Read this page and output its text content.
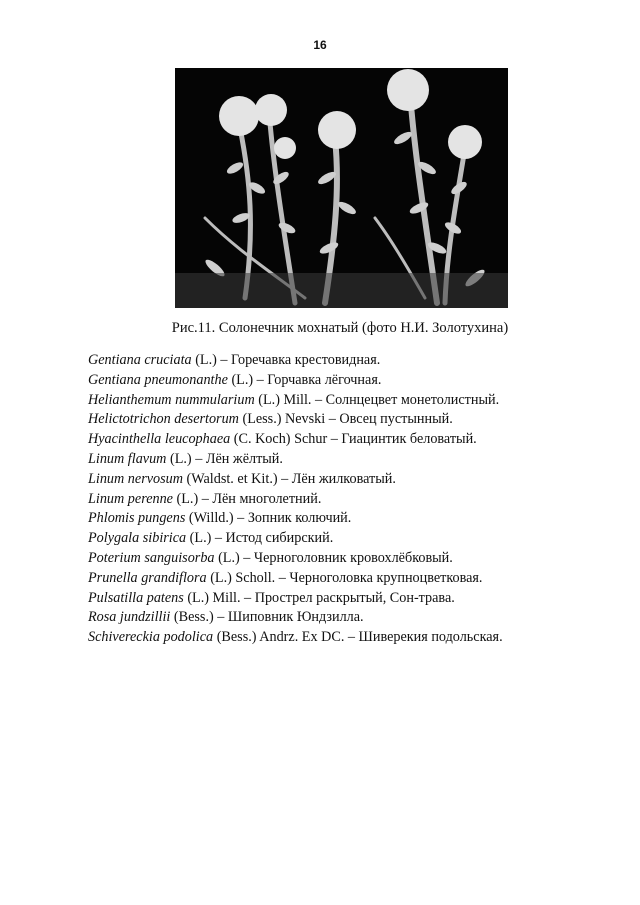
16
Рис.11. Солонечник мохнатый (фото Н.И. Золотухина)
Gentiana cruciata (L.) – Горечавка крестовидная.
Gentiana pneumonanthe (L.) – Горчавка лёгочная.
Helianthemum nummularium (L.) Mill. – Солнцецвет монетолистный.
Helictotrichon desertorum (Less.) Nevski – Овсец пустынный.
Hyacinthella leucophaea (C. Koch) Schur – Гиацинтик беловатый.
Linum flavum (L.) – Лён жёлтый.
Linum nervosum (Waldst. et Kit.) – Лён жилковатый.
Linum perenne (L.) – Лён многолетний.
Phlomis pungens (Willd.) – Зопник колючий.
Polygala sibirica (L.) – Истод сибирский.
Poterium sanguisorba (L.) – Черноголовник кровохлёбковый.
Prunella grandiflora (L.) Scholl. – Черноголовка крупноцветковая.
Pulsatilla patens (L.) Mill. – Прострел раскрытый, Сон-трава.
Rosa jundzillii (Bess.) – Шиповник Юндзилла.
Schivereckia podolica (Bess.) Andrz. Ex DC. – Шиверекия подольская.
